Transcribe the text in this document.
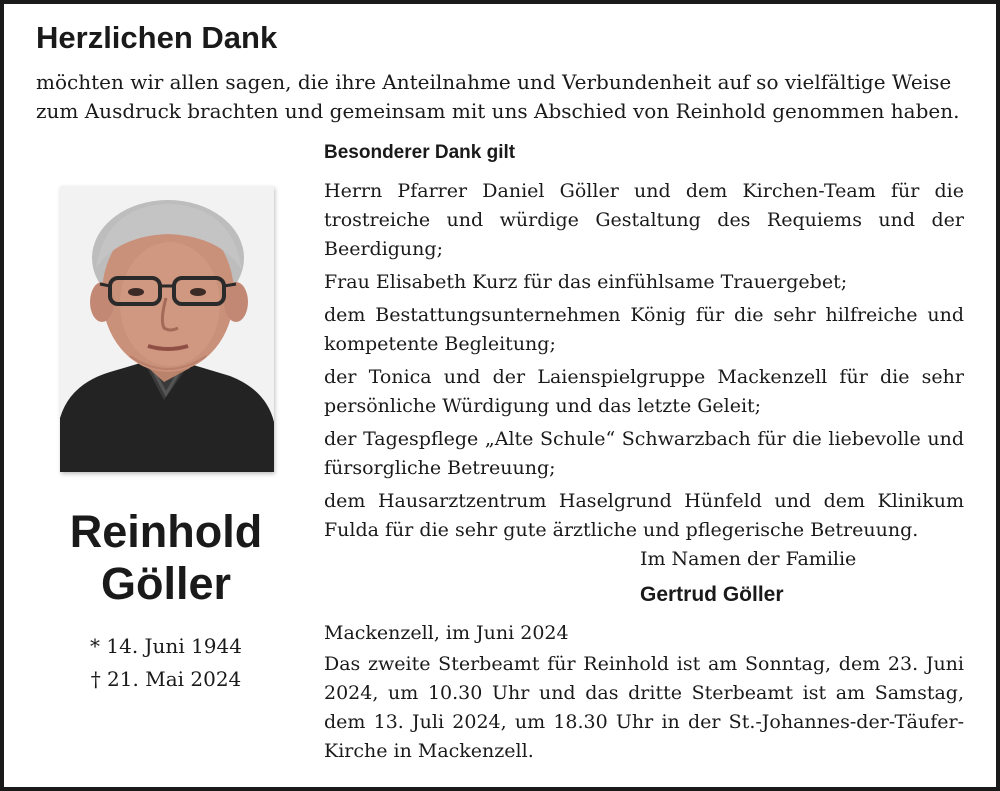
Herzlichen Dank

möchten wir allen sagen, die ihre Anteilnahme und Verbundenheit auf so vielfältige Weise zum Ausdruck brachten und gemeinsam mit uns Abschied von Reinhold genommen haben.

Reinhold
Göller

* 14. Juni 1944

† 21. Mai 2024

Besonderer Dank gilt

Herrn Pfarrer Daniel Göller und dem Kirchen-Team für die trostreiche und würdige Gestaltung des Requiems und der Beerdigung;

Frau Elisabeth Kurz für das einfühlsame Trauergebet;

dem Bestattungsunternehmen König für die sehr hilfreiche und kompetente Begleitung;

der Tonica und der Laienspielgruppe Mackenzell für die sehr persönliche Würdigung und das letzte Geleit;

der Tagespflege „Alte Schule“ Schwarzbach für die liebevolle und fürsorgliche Betreuung;

dem Hausarztzentrum Haselgrund Hünfeld und dem Klinikum Fulda für die sehr gute ärztliche und pflegerische Betreuung.

Im Namen der Familie

Gertrud Göller

Mackenzell, im Juni 2024

Das zweite Sterbeamt für Reinhold ist am Sonntag, dem 23. Juni 2024, um 10.30 Uhr und das dritte Sterbeamt ist am Samstag, dem 13. Juli 2024, um 18.30 Uhr in der St.-Johannes-der-Täufer-Kirche in Mackenzell.
